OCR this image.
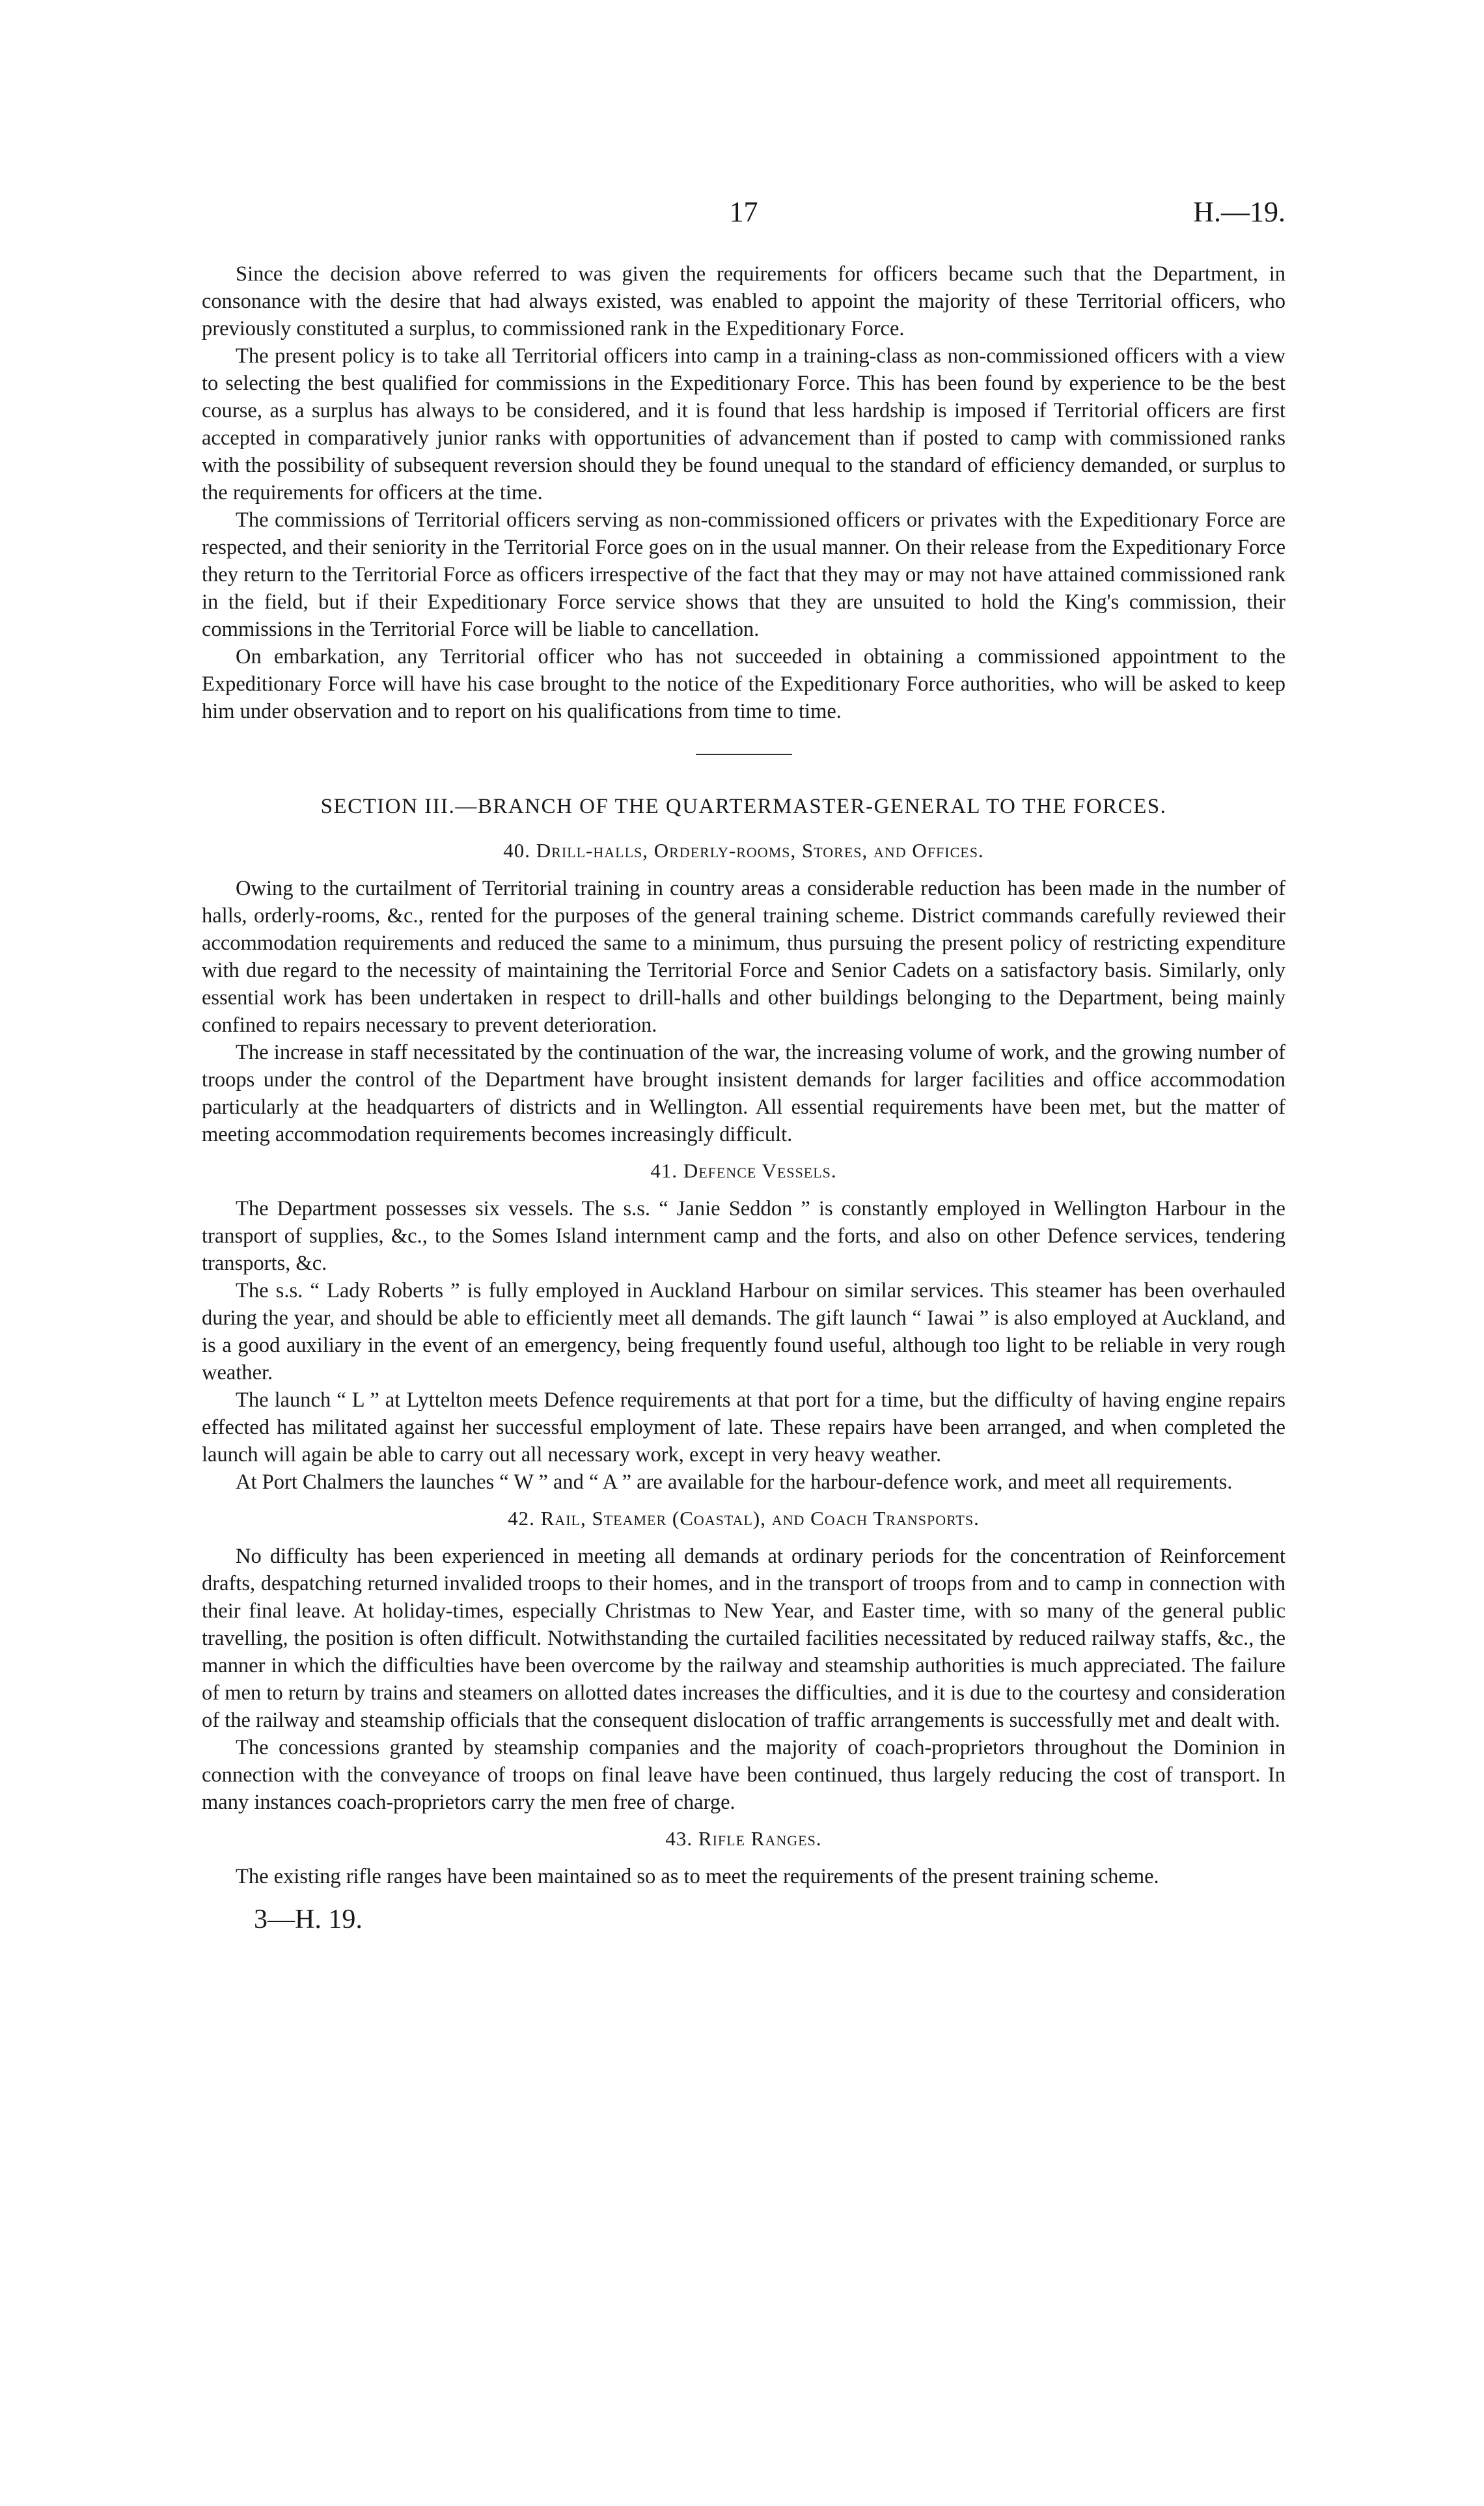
17	H.—19.

Since the decision above referred to was given the requirements for officers became such that the Department, in consonance with the desire that had always existed, was enabled to appoint the majority of these Territorial officers, who previously constituted a surplus, to commissioned rank in the Expeditionary Force.

The present policy is to take all Territorial officers into camp in a training-class as non-commissioned officers with a view to selecting the best qualified for commissions in the Expeditionary Force. This has been found by experience to be the best course, as a surplus has always to be considered, and it is found that less hardship is imposed if Territorial officers are first accepted in comparatively junior ranks with opportunities of advancement than if posted to camp with commissioned ranks with the possibility of subsequent reversion should they be found unequal to the standard of efficiency demanded, or surplus to the requirements for officers at the time.

The commissions of Territorial officers serving as non-commissioned officers or privates with the Expeditionary Force are respected, and their seniority in the Territorial Force goes on in the usual manner. On their release from the Expeditionary Force they return to the Territorial Force as officers irrespective of the fact that they may or may not have attained commissioned rank in the field, but if their Expeditionary Force service shows that they are unsuited to hold the King's commission, their commissions in the Territorial Force will be liable to cancellation.

On embarkation, any Territorial officer who has not succeeded in obtaining a commissioned appointment to the Expeditionary Force will have his case brought to the notice of the Expeditionary Force authorities, who will be asked to keep him under observation and to report on his qualifications from time to time.

SECTION III.—BRANCH OF THE QUARTERMASTER-GENERAL TO THE FORCES.
40. Drill-halls, Orderly-rooms, Stores, and Offices.

Owing to the curtailment of Territorial training in country areas a considerable reduction has been made in the number of halls, orderly-rooms, &c., rented for the purposes of the general training scheme. District commands carefully reviewed their accommodation requirements and reduced the same to a minimum, thus pursuing the present policy of restricting expenditure with due regard to the necessity of maintaining the Territorial Force and Senior Cadets on a satisfactory basis. Similarly, only essential work has been undertaken in respect to drill-halls and other buildings belonging to the Department, being mainly confined to repairs necessary to prevent deterioration.

The increase in staff necessitated by the continuation of the war, the increasing volume of work, and the growing number of troops under the control of the Department have brought insistent demands for larger facilities and office accommodation particularly at the headquarters of districts and in Wellington. All essential requirements have been met, but the matter of meeting accommodation requirements becomes increasingly difficult.

41. Defence Vessels.

The Department possesses six vessels. The s.s. “ Janie Seddon ” is constantly employed in Wellington Harbour in the transport of supplies, &c., to the Somes Island internment camp and the forts, and also on other Defence services, tendering transports, &c.

The s.s. “ Lady Roberts ” is fully employed in Auckland Harbour on similar services. This steamer has been overhauled during the year, and should be able to efficiently meet all demands. The gift launch “ Iawai ” is also employed at Auckland, and is a good auxiliary in the event of an emergency, being frequently found useful, although too light to be reliable in very rough weather.

The launch “ L ” at Lyttelton meets Defence requirements at that port for a time, but the difficulty of having engine repairs effected has militated against her successful employment of late. These repairs have been arranged, and when completed the launch will again be able to carry out all necessary work, except in very heavy weather.

At Port Chalmers the launches “ W ” and “ A ” are available for the harbour-defence work, and meet all requirements.

42. Rail, Steamer (Coastal), and Coach Transports.

No difficulty has been experienced in meeting all demands at ordinary periods for the concentration of Reinforcement drafts, despatching returned invalided troops to their homes, and in the transport of troops from and to camp in connection with their final leave. At holiday-times, especially Christmas to New Year, and Easter time, with so many of the general public travelling, the position is often difficult. Notwithstanding the curtailed facilities necessitated by reduced railway staffs, &c., the manner in which the difficulties have been overcome by the railway and steamship authorities is much appreciated. The failure of men to return by trains and steamers on allotted dates increases the difficulties, and it is due to the courtesy and consideration of the railway and steamship officials that the consequent dislocation of traffic arrangements is successfully met and dealt with.

The concessions granted by steamship companies and the majority of coach-proprietors throughout the Dominion in connection with the conveyance of troops on final leave have been continued, thus largely reducing the cost of transport. In many instances coach-proprietors carry the men free of charge.

43. Rifle Ranges.

The existing rifle ranges have been maintained so as to meet the requirements of the present training scheme.

3—H. 19.
